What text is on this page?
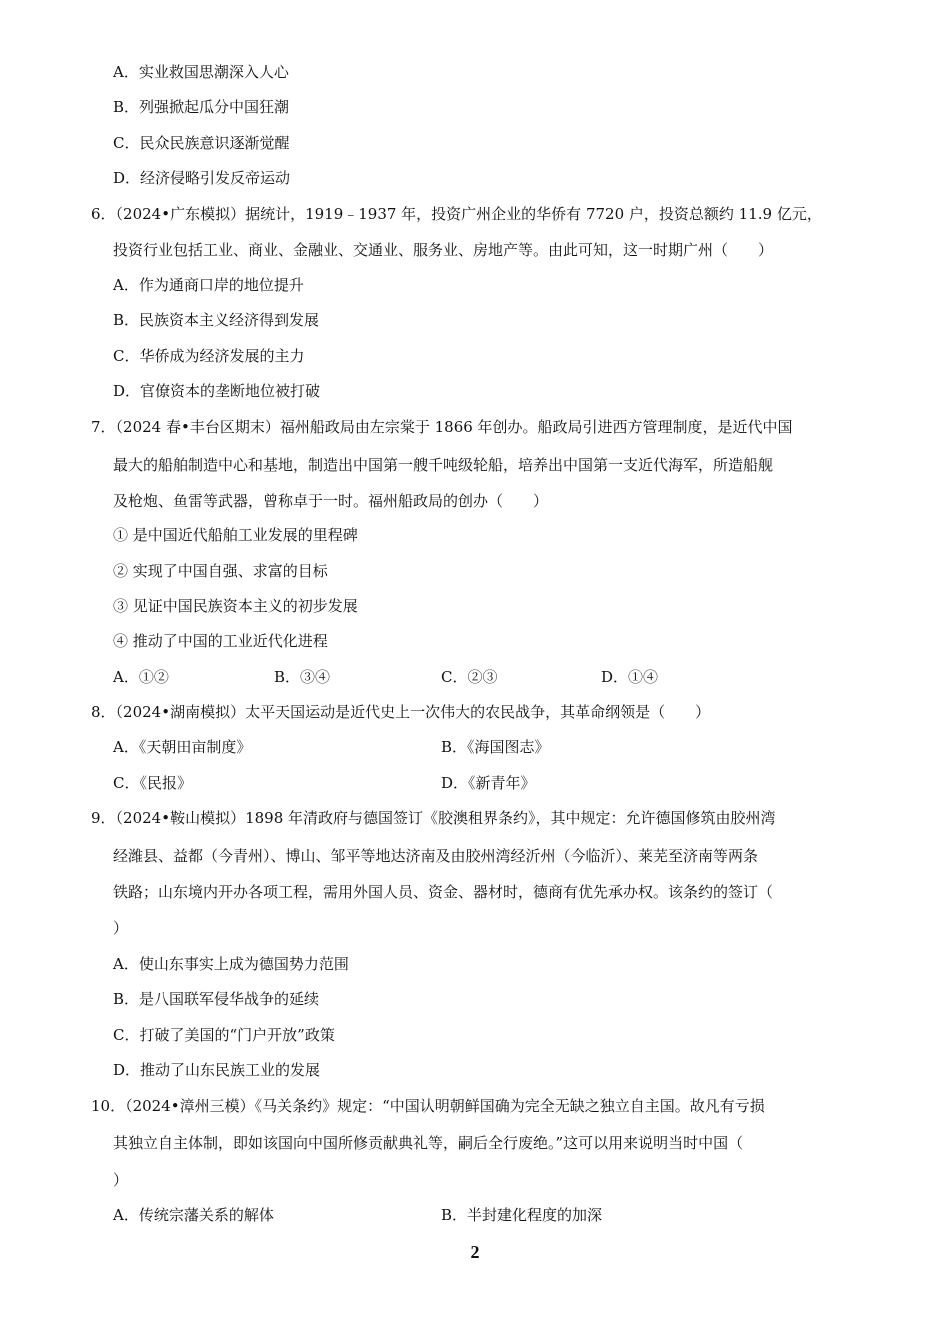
A．实业救国思潮深入人心
B．列强掀起瓜分中国狂潮
C．民众民族意识逐渐觉醒
D．经济侵略引发反帝运动
6．（2024•广东模拟）据统计，1919﹣1937 年，投资广州企业的华侨有 7720 户，投资总额约 11.9 亿元，
投资行业包括工业、商业、金融业、交通业、服务业、房地产等。由此可知，这一时期广州（　　）
A．作为通商口岸的地位提升
B．民族资本主义经济得到发展
C．华侨成为经济发展的主力
D．官僚资本的垄断地位被打破
7．（2024 春•丰台区期末）福州船政局由左宗棠于 1866 年创办。船政局引进西方管理制度，是近代中国
最大的船舶制造中心和基地，制造出中国第一艘千吨级轮船，培养出中国第一支近代海军，所造船舰
及枪炮、鱼雷等武器，曾称卓于一时。福州船政局的创办（　　）
① 是中国近代船舶工业发展的里程碑
② 实现了中国自强、求富的目标
③ 见证中国民族资本主义的初步发展
④ 推动了中国的工业近代化进程
A．①②	B．③④	C．②③	D．①④
8．（2024•湖南模拟）太平天国运动是近代史上一次伟大的农民战争，其革命纲领是（　　）
A．《天朝田亩制度》	B．《海国图志》
C．《民报》	D．《新青年》
9．（2024•鞍山模拟）1898 年清政府与德国签订《胶澳租界条约》，其中规定：允许德国修筑由胶州湾
经潍县、益都（今青州）、博山、邹平等地达济南及由胶州湾经沂州（今临沂）、莱芜至济南等两条
铁路；山东境内开办各项工程，需用外国人员、资金、器材时，德商有优先承办权。该条约的签订（
）
A．使山东事实上成为德国势力范围
B．是八国联军侵华战争的延续
C．打破了美国的“门户开放”政策
D．推动了山东民族工业的发展
10．（2024•漳州三模）《马关条约》规定：“中国认明朝鲜国确为完全无缺之独立自主国。故凡有亏损
其独立自主体制，即如该国向中国所修贡献典礼等，嗣后全行废绝。”这可以用来说明当时中国（
）
A．传统宗藩关系的解体	B．半封建化程度的加深
2
